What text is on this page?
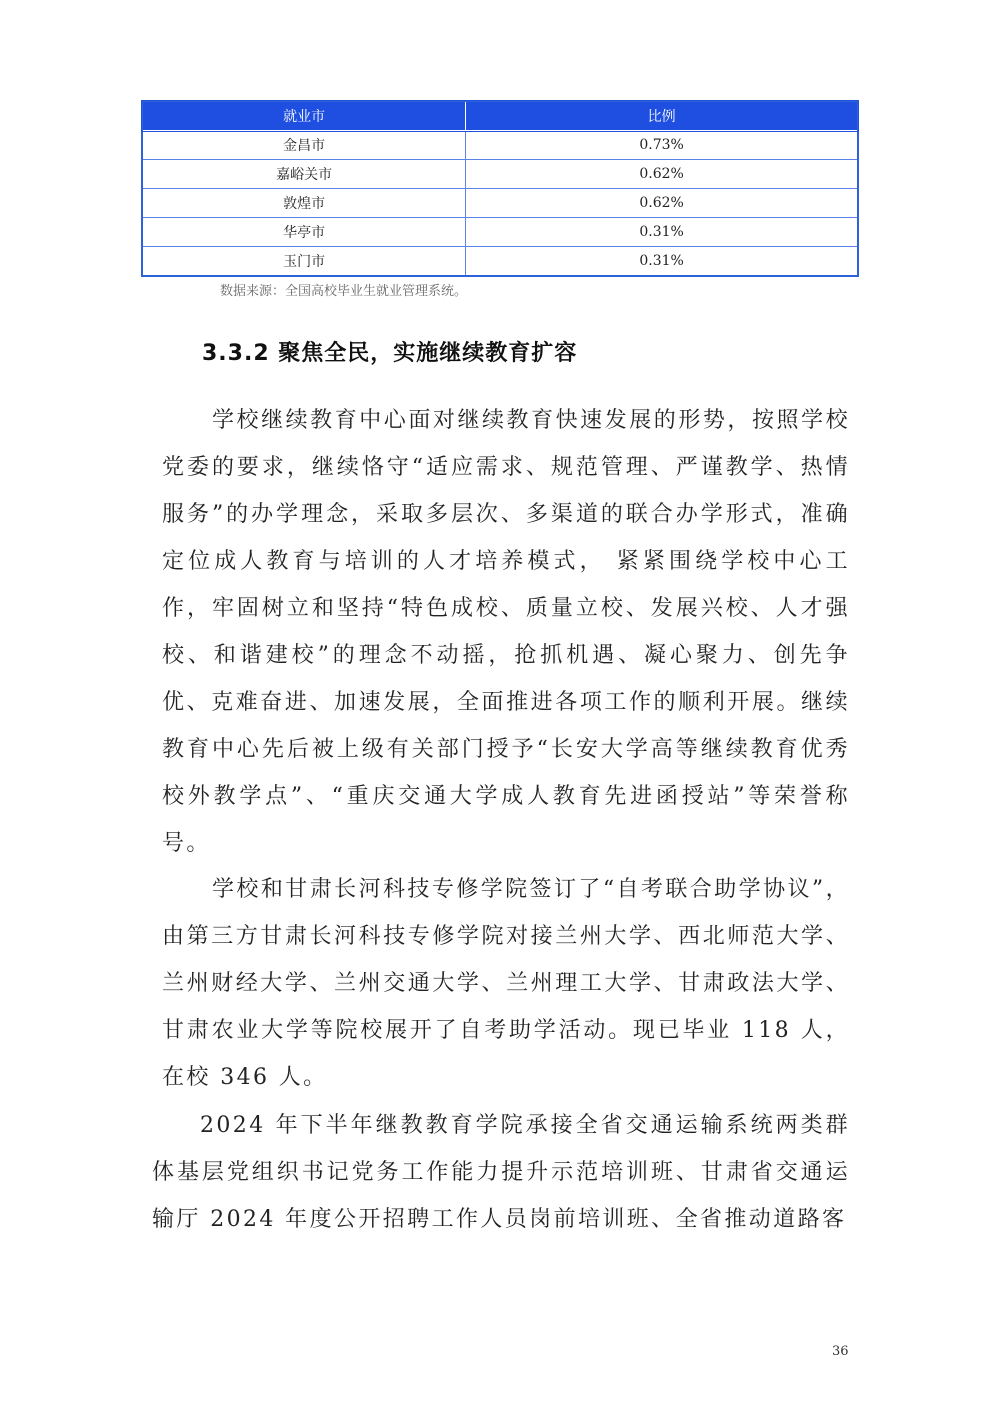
就业市	比例
金昌市	0.73%
嘉峪关市	0.62%
敦煌市	0.62%
华亭市	0.31%
玉门市	0.31%
数据来源：全国高校毕业生就业管理系统。
3.3.2 聚焦全民，实施继续教育扩容

学校继续教育中心面对继续教育快速发展的形势，按照学校党委的要求，继续恪守“适应需求、规范管理、严谨教学、热情服务”的办学理念，采取多层次、多渠道的联合办学形式，准确定位成人教育与培训的人才培养模式， 紧紧围绕学校中心工作，牢固树立和坚持“特色成校、质量立校、发展兴校、人才强校、和谐建校”的理念不动摇，抢抓机遇、凝心聚力、创先争优、克难奋进、加速发展，全面推进各项工作的顺利开展。继续教育中心先后被上级有关部门授予“长安大学高等继续教育优秀校外教学点”、“重庆交通大学成人教育先进函授站”等荣誉称号。

学校和甘肃长河科技专修学院签订了“自考联合助学协议”，由第三方甘肃长河科技专修学院对接兰州大学、西北师范大学、兰州财经大学、兰州交通大学、兰州理工大学、甘肃政法大学、甘肃农业大学等院校展开了自考助学活动。现已毕业 118 人，在校 346 人。

2024 年下半年继教教育学院承接全省交通运输系统两类群体基层党组织书记党务工作能力提升示范培训班、甘肃省交通运输厅 2024 年度公开招聘工作人员岗前培训班、全省推动道路客

36
